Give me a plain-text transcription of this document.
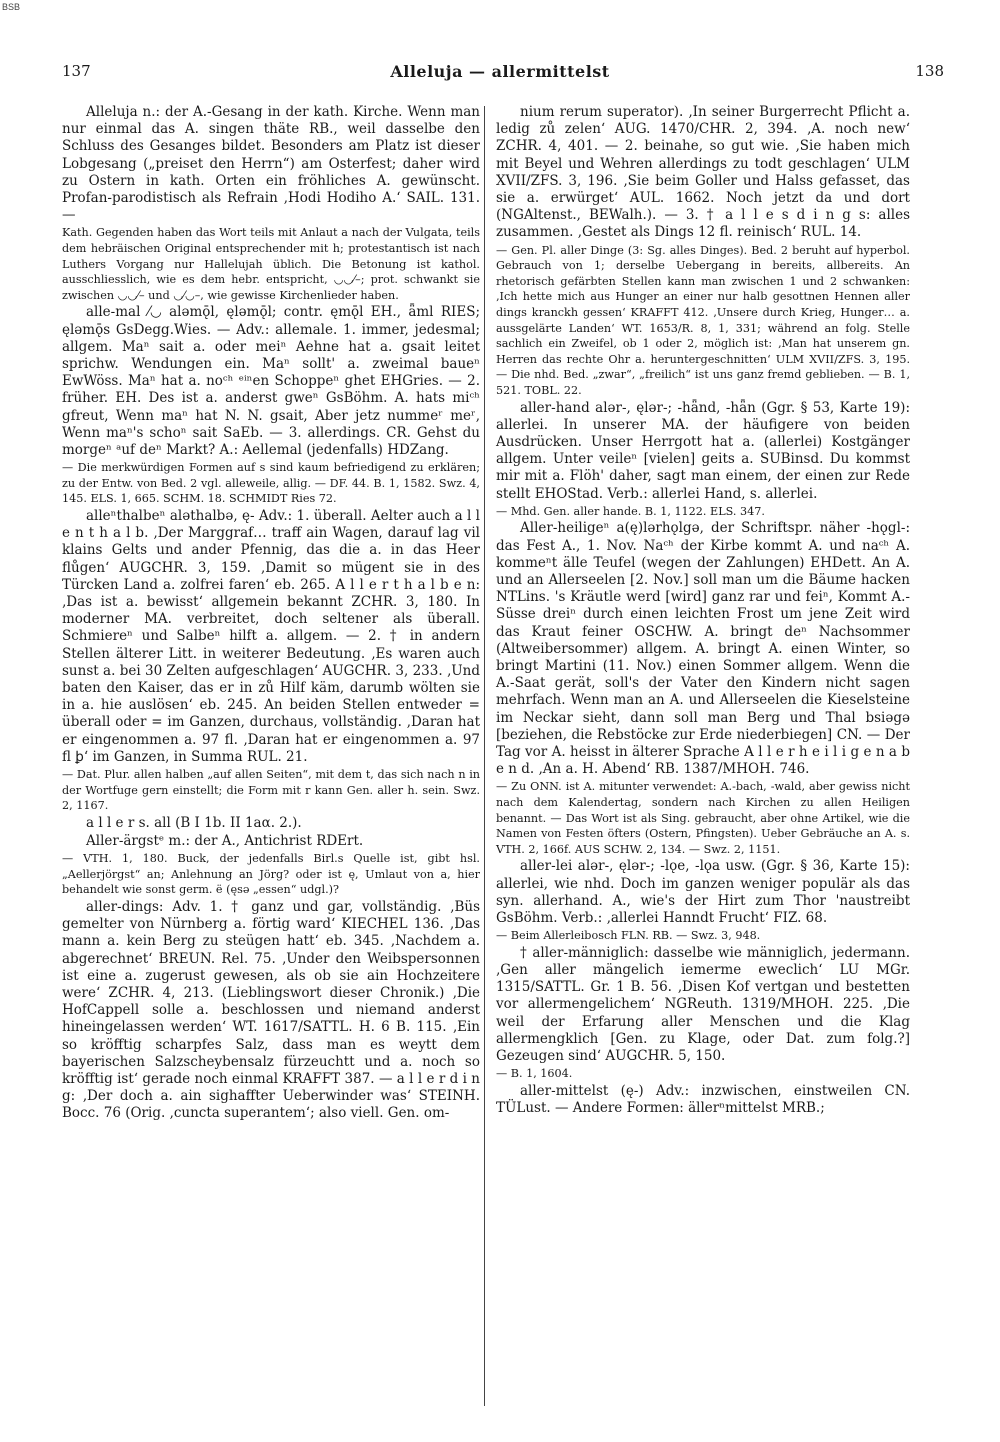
BSB
137	Alleluja — allermittelst	138

Alleluja n.: der A.-Gesang in der kath. Kirche. Wenn man nur einmal das A. singen thäte RB., weil dasselbe den Schluss des Gesanges bildet. Besonders am Platz ist dieser Lobgesang („preiset den Herrn“) am Osterfest; daher wird zu Ostern in kath. Orten ein fröhliches A. gewünscht. Profan-parodistisch als Refrain ‚Hodi Hodiho A.‘ SAIL. 131. —

Kath. Gegenden haben das Wort teils mit Anlaut a nach der Vulgata, teils dem hebräischen Original entsprechender mit h; protestantisch ist nach Luthers Vorgang nur Hallelujah üblich. Die Betonung ist kathol. ausschliesslich, wie es dem hebr. entspricht, ◡◡⁄–; prot. schwankt sie zwischen ◡◡⁄– und ◡⁄◡–, wie gewisse Kirchenlieder haben.

alle-mal ⁄◡ aləmǭl, ęləmǭl; contr. ęmǭl EH., ǟml RIES; ęləmǭs GsDegg.Wies. — Adv.: allemale. 1. immer, jedesmal; allgem. Maⁿ sait a. oder meiⁿ Aehne hat a. gsait leitet sprichw. Wendungen ein. Maⁿ sollt' a. zweimal baueⁿ EwWöss. Maⁿ hat a. noᶜʰ ᵉⁱⁿen Schoppeⁿ ghet EHGries. — 2. früher. EH. Des ist a. anderst gweⁿ GsBöhm. A. hats miᶜʰ gfreut, Wenn maⁿ hat N. N. gsait, Aber jetz nummeʳ meʳ, Wenn maⁿ's schoⁿ sait SaEb. — 3. allerdings. CR. Gehst du morgeⁿ ᵃuf deⁿ Markt? A.: Aellemal (jedenfalls) HDZang.

— Die merkwürdigen Formen auf s sind kaum befriedigend zu erklären; zu der Entw. von Bed. 2 vgl. alleweile, allig. — DF. 44. B. 1, 1582. Swz. 4, 145. ELS. 1, 665. SCHM. 18. SCHMIDT Ries 72.

alleⁿthalbeⁿ aləthalbə, ę- Adv.: 1. überall. Aelter auch a l l e n t h a l b. ‚Der Marggraf… traff ain Wagen, darauf lag vil klains Gelts und ander Pfennig, das die a. in das Heer flůgen‘ AUGCHR. 3, 159. ‚Damit so mügent sie in des Türcken Land a. zolfrei faren‘ eb. 265. A l l e r t h a l b e n: ‚Das ist a. bewisst‘ allgemein bekannt ZCHR. 3, 180. In moderner MA. verbreitet, doch seltener als überall. Schmiereⁿ und Salbeⁿ hilft a. allgem. — 2. † in andern Stellen älterer Litt. in weiterer Bedeutung. ‚Es waren auch sunst a. bei 30 Zelten aufgeschlagen‘ AUGCHR. 3, 233. ‚Und baten den Kaiser, das er in zů Hilf käm, darumb wölten sie in a. hie auslösen‘ eb. 245. An beiden Stellen entweder = überall oder = im Ganzen, durchaus, vollständig. ‚Daran hat er eingenommen a. 97 fl. ‚Daran hat er eingenommen a. 97 fl ꝧ‘ im Ganzen, in Summa RUL. 21.

— Dat. Plur. allen halben „auf allen Seiten“, mit dem t, das sich nach n in der Wortfuge gern einstellt; die Form mit r kann Gen. aller h. sein. Swz. 2, 1167.

a l l e r s. all (B I 1b. II 1aα. 2.).

Aller-ärgstᵉ m.: der A., Antichrist RDErt.

— VTH. 1, 180. Buck, der jedenfalls Birl.s Quelle ist, gibt hsl. „Aellerjörgst“ an; Anlehnung an Jörg? oder ist ę, Umlaut von a, hier behandelt wie sonst germ. ë (ęsə „essen“ udgl.)?

aller-dings: Adv. 1. † ganz und gar, vollständig. ‚Büs gemelter von Nürnberg a. förtig ward‘ KIECHEL 136. ‚Das mann a. kein Berg zu steügen hatt‘ eb. 345. ‚Nachdem a. abgerechnet‘ BREUN. Rel. 75. ‚Under den Weibspersonnen ist eine a. zugerust gewesen, als ob sie ain Hochzeitere were‘ ZCHR. 4, 213. (Lieblingswort dieser Chronik.) ‚Die HofCappell solle a. beschlossen und niemand anderst hineingelassen werden‘ WT. 1617/SATTL. H. 6 B. 115. ‚Ein so kröfftig scharpfes Salz, dass man es weytt dem bayerischen Salzscheybensalz fürzeuchtt und a. noch so kröfftig ist‘ gerade noch einmal KRAFFT 387. — a l l e r d i n g: ‚Der doch a. ain sighaffter Ueberwinder was‘ STEINH. Bocc. 76 (Orig. ‚cuncta superantem‘; also viell. Gen. om-

nium rerum superator). ‚In seiner Burgerrecht Pflicht a. ledig zů zelen‘ AUG. 1470/CHR. 2, 394. ‚A. noch new‘ ZCHR. 4, 401. — 2. beinahe, so gut wie. ‚Sie haben mich mit Beyel und Wehren allerdings zu todt geschlagen‘ ULM XVII/ZFS. 3, 196. ‚Sie beim Goller und Halss gefasset, das sie a. erwürget‘ AUL. 1662. Noch jetzt da und dort (NGAltenst., BEWalh.). — 3. † a l l e s d i n g s: alles zusammen. ‚Gestet als Dings 12 fl. reinisch‘ RUL. 14.

— Gen. Pl. aller Dinge (3: Sg. alles Dinges). Bed. 2 beruht auf hyperbol. Gebrauch von 1; derselbe Uebergang in bereits, allbereits. An rhetorisch gefärbten Stellen kann man zwischen 1 und 2 schwanken: ‚Ich hette mich aus Hunger an einer nur halb gesottnen Hennen aller dings kranckh gessen‘ KRAFFT 412. ‚Unsere durch Krieg, Hunger… a. aussgelärte Landen‘ WT. 1653/R. 8, 1, 331; während an folg. Stelle sachlich ein Zweifel, ob 1 oder 2, möglich ist: ‚Man hat unserem gn. Herren das rechte Ohr a. heruntergeschnitten‘ ULM XVII/ZFS. 3, 195. — Die nhd. Bed. „zwar“, „freilich“ ist uns ganz fremd geblieben. — B. 1, 521. TOBL. 22.

aller-hand alər-, ęlər-; -hǟnd, -hǟn (Ggr. § 53, Karte 19): allerlei. In unserer MA. der häufigere von beiden Ausdrücken. Unser Herrgott hat a. (allerlei) Kostgänger allgem. Unter veileⁿ [vielen] geits a. SUBinsd. Du kommst mir mit a. Flöh' daher, sagt man einem, der einen zur Rede stellt EHOStad. Verb.: allerlei Hand, s. allerlei.

— Mhd. Gen. aller hande. B. 1, 1122. ELS. 347.

Aller-heiligeⁿ a(ę)lərhǫlgə, der Schriftspr. näher -hǫgl-: das Fest A., 1. Nov. Naᶜʰ der Kirbe kommt A. und naᶜʰ A. kommeⁿt älle Teufel (wegen der Zahlungen) EHDett. An A. und an Allerseelen [2. Nov.] soll man um die Bäume hacken NTLins. 's Kräutle werd [wird] ganz rar und feiⁿ, Kommt A.-Süsse dreiⁿ durch einen leichten Frost um jene Zeit wird das Kraut feiner OSCHW. A. bringt deⁿ Nachsommer (Altweibersommer) allgem. A. bringt A. einen Winter, so bringt Martini (11. Nov.) einen Sommer allgem. Wenn die A.-Saat gerät, soll's der Vater den Kindern nicht sagen mehrfach. Wenn man an A. und Allerseelen die Kieselsteine im Neckar sieht, dann soll man Berg und Thal bsiəgə [beziehen, die Rebstöcke zur Erde niederbiegen] CN. — Der Tag vor A. heisst in älterer Sprache A l l e r h e i l i g e n a b e n d. ‚An a. H. Abend‘ RB. 1387/MHOH. 746.

— Zu ONN. ist A. mitunter verwendet: A.-bach, -wald, aber gewiss nicht nach dem Kalendertag, sondern nach Kirchen zu allen Heiligen benannt. — Das Wort ist als Sing. gebraucht, aber ohne Artikel, wie die Namen von Festen öfters (Ostern, Pfingsten). Ueber Gebräuche an A. s. VTH. 2, 166f. AUS SCHW. 2, 134. — Swz. 2, 1151.

aller-lei alər-, ęlər-; -lǫe, -lǫa usw. (Ggr. § 36, Karte 15): allerlei, wie nhd. Doch im ganzen weniger populär als das syn. allerhand. A., wie's der Hirt zum Thor 'naustreibt GsBöhm. Verb.: ‚allerlei Hanndt Frucht‘ FIZ. 68.

— Beim Allerleibosch FLN. RB. — Swz. 3, 948.

† aller-männiglich: dasselbe wie männiglich, jedermann. ‚Gen aller mängelich iemerme eweclich‘ LU MGr. 1315/SATTL. Gr. 1 B. 56. ‚Disen Kof vertgan und bestetten vor allermengelichem‘ NGReuth. 1319/MHOH. 225. ‚Die weil der Erfarung aller Menschen und die Klag allermengklich [Gen. zu Klage, oder Dat. zum folg.?] Gezeugen sind‘ AUGCHR. 5, 150.

— B. 1, 1604.

aller-mittelst (ę-) Adv.: inzwischen, einstweilen CN. TÜLust. — Andere Formen: ällerⁿmittelst MRB.;
